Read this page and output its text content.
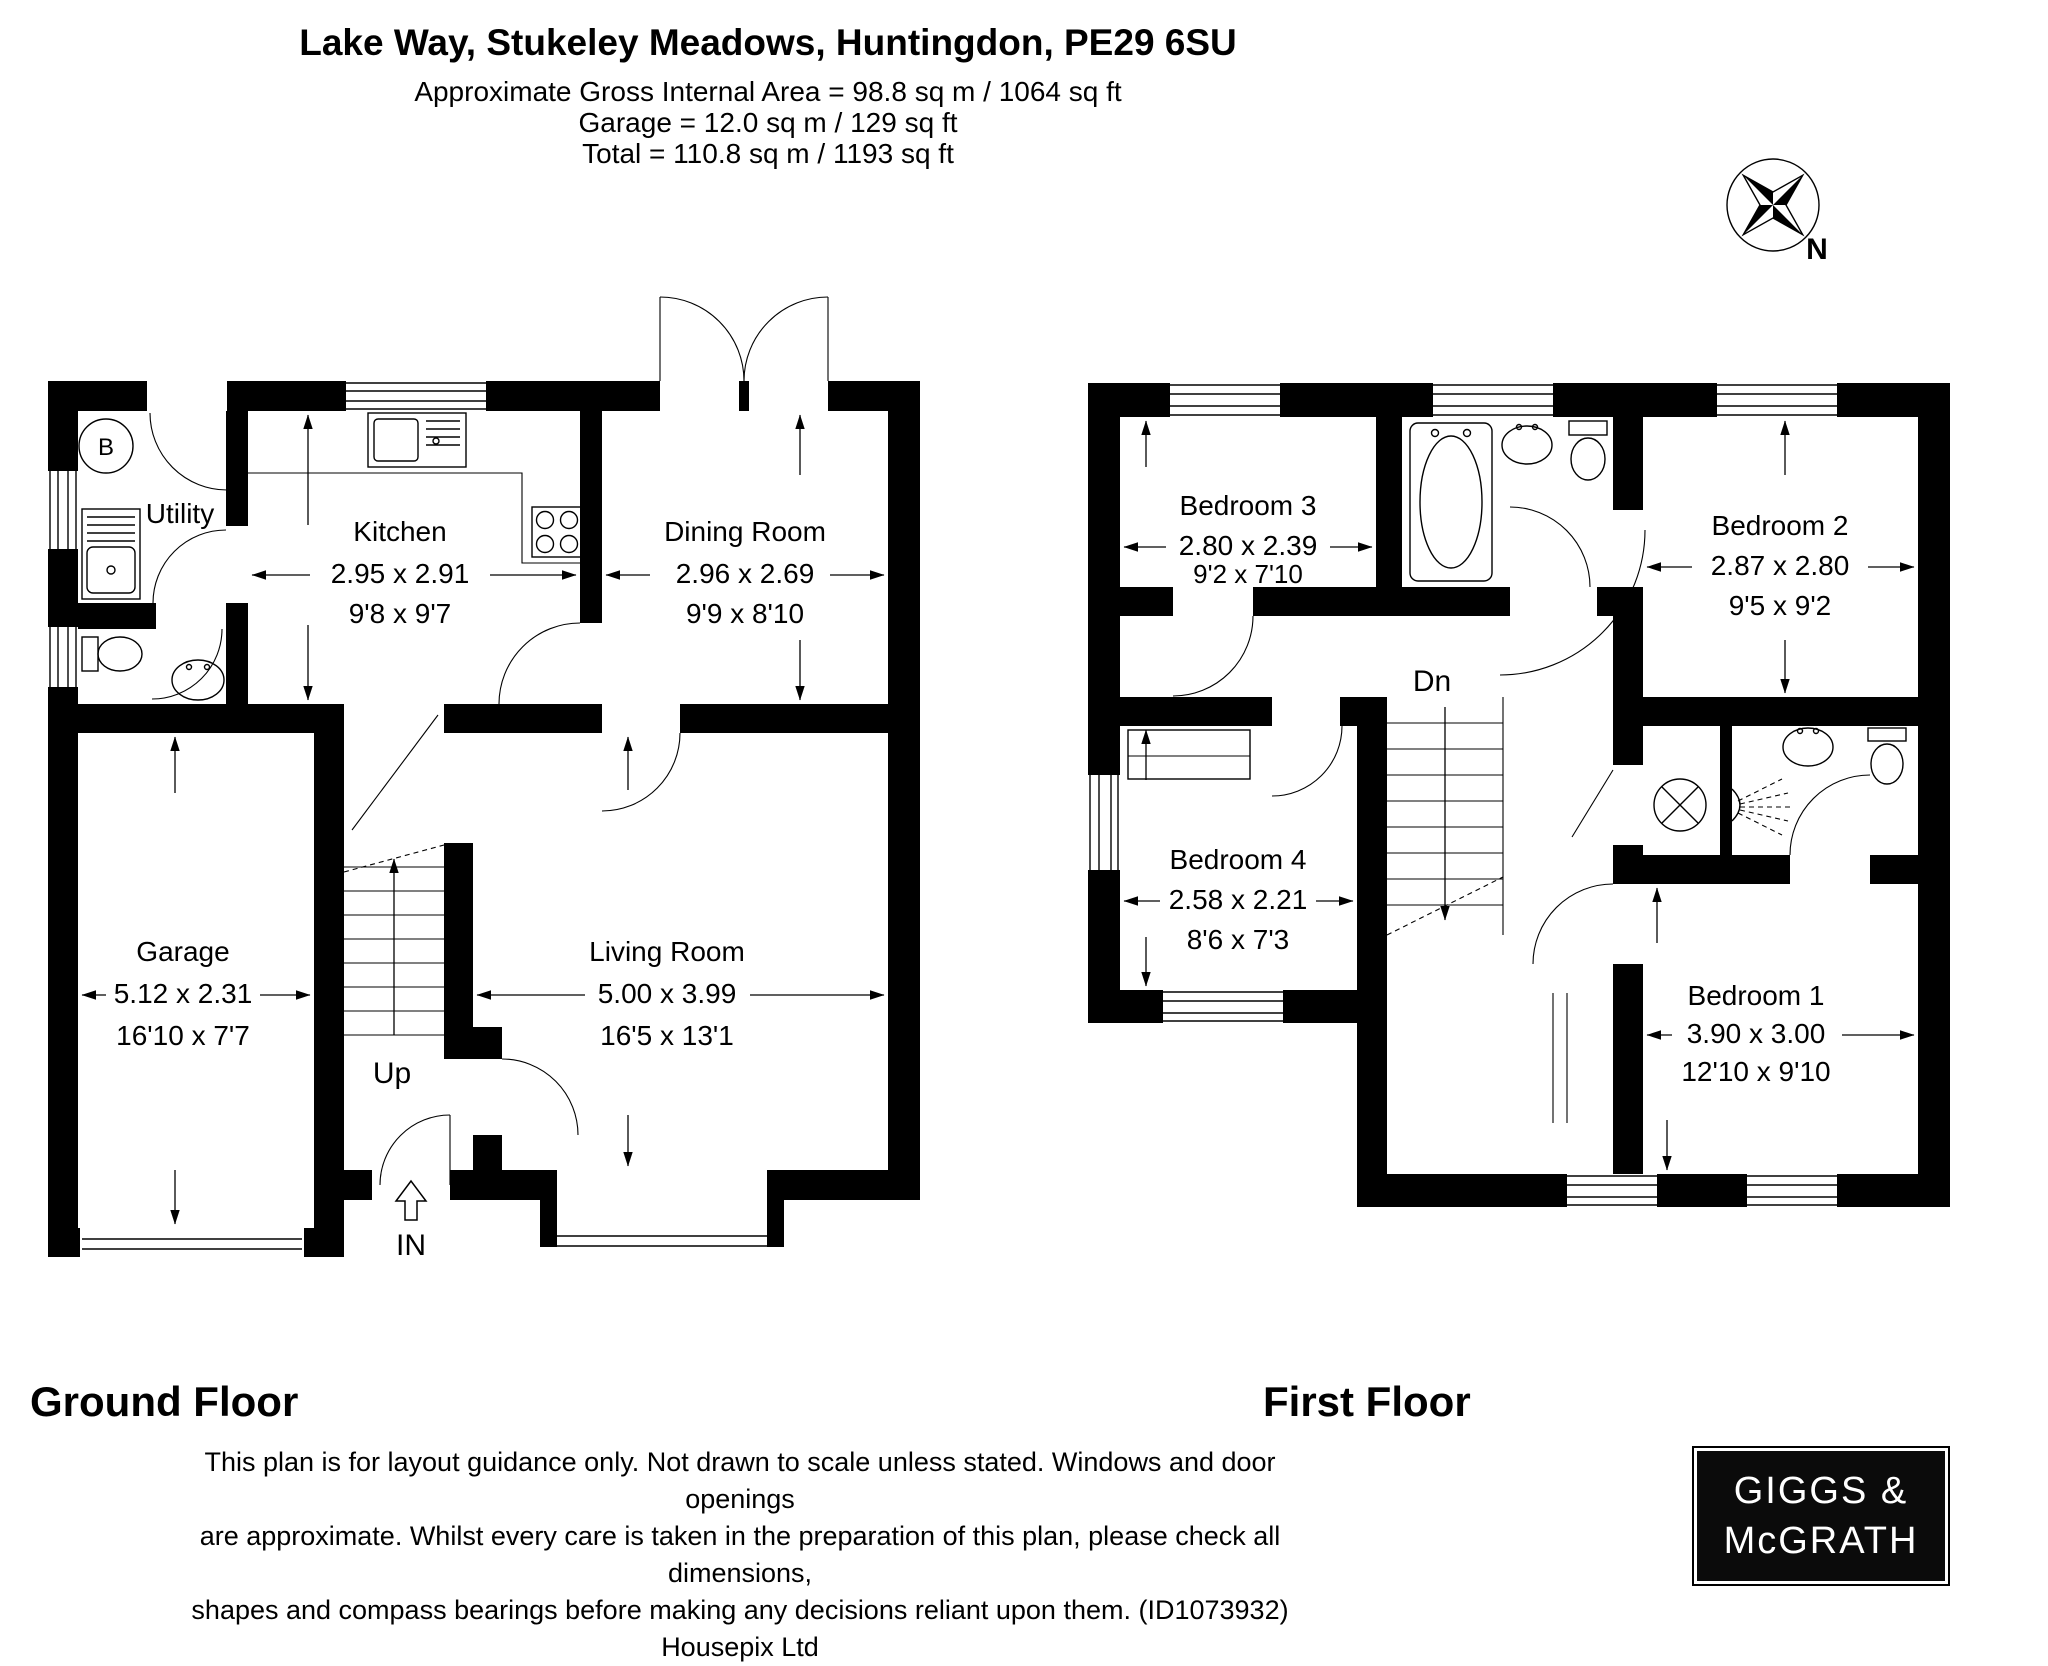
Lake Way, Stukeley Meadows, Huntingdon, PE29 6SU
Approximate Gross Internal Area = 98.8 sq m / 1064 sq ft
Garage = 12.0 sq m / 129 sq ft
Total = 110.8 sq m / 1193 sq ft
N
B
Utility
Kitchen
2.95 x 2.91
9'8 x 9'7
Dining Room
2.96 x 2.69
9'9 x 8'10
Garage
5.12 x 2.31
16'10 x 7'7
Living Room
5.00 x 3.99
16'5 x 13'1
Up
IN
Bedroom 3
2.80 x 2.39
9'2 x 7'10
Bedroom 2
2.87 x 2.80
9'5 x 9'2
Bedroom 4
2.58 x 2.21
8'6 x 7'3
Bedroom 1
3.90 x 3.00
12'10 x 9'10
Dn
Ground Floor	First Floor
This plan is for layout guidance only. Not drawn to scale unless stated. Windows and door openings
are approximate. Whilst every care is taken in the preparation of this plan, please check all dimensions,
shapes and compass bearings before making any decisions reliant upon them. (ID1073932)
Housepix Ltd
GIGGS &
McGRATH
